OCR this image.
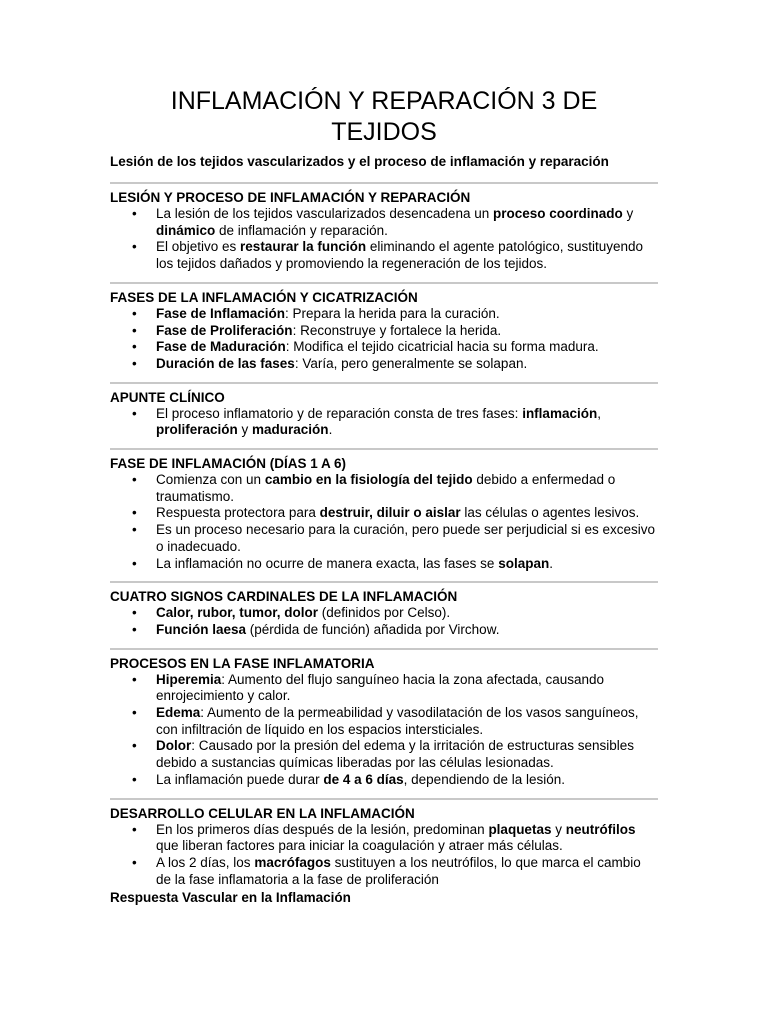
INFLAMACIÓN Y REPARACIÓN 3 DE
TEJIDOS
Lesión de los tejidos vascularizados y el proceso de inflamación y reparación
LESIÓN Y PROCESO DE INFLAMACIÓN Y REPARACIÓN
• La lesión de los tejidos vascularizados desencadena un proceso coordinado y dinámico de inflamación y reparación.
• El objetivo es restaurar la función eliminando el agente patológico, sustituyendo los tejidos dañados y promoviendo la regeneración de los tejidos.
FASES DE LA INFLAMACIÓN Y CICATRIZACIÓN
• Fase de Inflamación: Prepara la herida para la curación.
• Fase de Proliferación: Reconstruye y fortalece la herida.
• Fase de Maduración: Modifica el tejido cicatricial hacia su forma madura.
• Duración de las fases: Varía, pero generalmente se solapan.
APUNTE CLÍNICO
• El proceso inflamatorio y de reparación consta de tres fases: inflamación, proliferación y maduración.
FASE DE INFLAMACIÓN (DÍAS 1 A 6)
• Comienza con un cambio en la fisiología del tejido debido a enfermedad o traumatismo.
• Respuesta protectora para destruir, diluir o aislar las células o agentes lesivos.
• Es un proceso necesario para la curación, pero puede ser perjudicial si es excesivo o inadecuado.
• La inflamación no ocurre de manera exacta, las fases se solapan.
CUATRO SIGNOS CARDINALES DE LA INFLAMACIÓN
• Calor, rubor, tumor, dolor (definidos por Celso).
• Función laesa (pérdida de función) añadida por Virchow.
PROCESOS EN LA FASE INFLAMATORIA
• Hiperemia: Aumento del flujo sanguíneo hacia la zona afectada, causando enrojecimiento y calor.
• Edema: Aumento de la permeabilidad y vasodilatación de los vasos sanguíneos, con infiltración de líquido en los espacios intersticiales.
• Dolor: Causado por la presión del edema y la irritación de estructuras sensibles debido a sustancias químicas liberadas por las células lesionadas.
• La inflamación puede durar de 4 a 6 días, dependiendo de la lesión.
DESARROLLO CELULAR EN LA INFLAMACIÓN
• En los primeros días después de la lesión, predominan plaquetas y neutrófilos que liberan factores para iniciar la coagulación y atraer más células.
• A los 2 días, los macrófagos sustituyen a los neutrófilos, lo que marca el cambio de la fase inflamatoria a la fase de proliferación
Respuesta Vascular en la Inflamación
